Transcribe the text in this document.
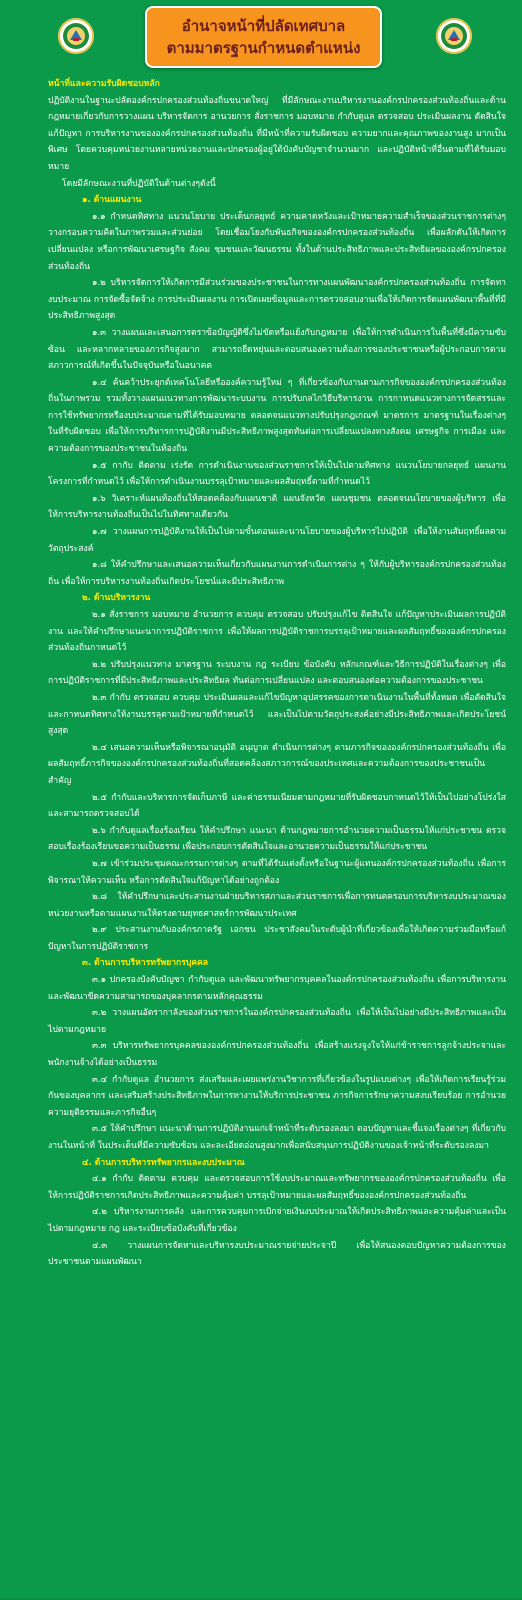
อำนาจหน้าที่ปลัดเทศบาล
ตามมาตรฐานกำหนดตำแหน่ง

หน้าที่และความรับผิดชอบหลัก

ปฏิบัติงานในฐานะปลัดองค์กรปกครองส่วนท้องถิ่นขนาดใหญ่ ที่มีลักษณะงานบริหารงานองค์กรปกครองส่วนท้องถิ่นและด้านกฎหมายเกี่ยวกับการวางแผน บริหารจัดการ อานวยการ สั่งราชการ มอบหมาย กำกับดูแล ตรวจสอบ ประเมินผลงาน ตัดสินใจ แก้ปัญหา การบริหารงานขององค์กรปกครองส่วนท้องถิ่น ที่มีหน้าที่ความรับผิดชอบ ความยากและคุณภาพของงานสูง มากเป็นพิเศษ โดยควบคุมหน่วยงานหลายหน่วยงานและปกครองผู้อยู่ใต้บังคับบัญชาจำนวนมาก และปฏิบัติหน้าที่อื่นตามที่ได้รับมอบหมาย

โดยมีลักษณะงานที่ปฏิบัติในด้านต่างๆดังนี้

๑. ด้านแผนงาน

๑.๑ กำหนดทิศทาง แนวนโยบาย ประเด็นกลยุทธ์ ความคาดหวังและเป้าหมายความสำเร็จของส่วนราชการต่างๆ วางกรอบความคิดในภาพรวมและส่วนย่อย โดยเชื่อมโยงกับพันธกิจขององค์กรปกครองส่วนท้องถิ่น เพื่อผลักดันให้เกิดการเปลี่ยนแปลง หรือการพัฒนาเศรษฐกิจ สังคม ชุมชนและวัฒนธรรม ทั้งในด้านประสิทธิภาพและประสิทธิผลขององค์กรปกครองส่วนท้องถิ่น

๑.๒ บริหารจัดการให้เกิดการมีส่วนร่วมของประชาชนในการทางแผนพัฒนาองค์กรปกครองส่วนท้องถิ่น การจัดทางบประมาณ การจัดซื้อจัดจ้าง การประเมินผลงาน การเปิดเผยข้อมูลและการตรวจสอบงานเพื่อให้เกิดการจัดแผนพัฒนาพื้นที่ที่มีประสิทธิภาพสูงสุด

๑.๓ วางแผนและเสนอการตราข้อบัญญัติซึ่งไม่ขัดหรือแย้งกับกฎหมาย เพื่อให้การดำเนินการในพื้นที่ซึ่งมีความซับซ้อน และหลากหลายของภารกิจสูงมาก สามารถยืดหยุ่นและตอบสนองความต้องการของประชาชนหรือผู้ประกอบการตามสภาวการณ์ที่เกิดขึ้นในปัจจุบันหรือในอนาคต

๑.๔ ค้นคว้าประยุกต์เทคโนโลยีหรือองค์ความรู้ใหม่ ๆ ที่เกี่ยวข้องกับงานตามภารกิจขององค์กรปกครองส่วนท้องถิ่นในภาพรวม รวมทั้งวางแผนแนวทางการพัฒนาระบบงาน การปรับกลไกวิธีบริหารงาน การกาหนดแนวทางการจัดสรรและการใช้ทรัพยากรหรืองบประมาณตามที่ได้รับมอบหมาย ตลอดจนแนวทางปรับปรุงกฎเกณฑ์ มาตรการ มาตรฐานในเรื่องต่างๆ ในที่รับผิดชอบ เพื่อให้การบริหารการปฏิบัติงานมีประสิทธิภาพสูงสุดทันต่อการเปลี่ยนแปลงทางสังคม เศรษฐกิจ การเมือง และความต้องการของประชาชนในท้องถิ่น

๑.๕ กากับ ติดตาม เร่งรัด การดำเนินงานของส่วนราชการให้เป็นไปตามทิศทาง แนวนโยบายกลยุทธ์ แผนงาน โครงการที่กำหนดไว้ เพื่อให้การดำเนินงานบรรลุเป้าหมายและผลสัมฤทธิ์ตามที่กำหนดไว้

๑.๖ วิเคราะห์แผนท้องถิ่นให้สอดคล้องกับแผนชาติ แผนจังหวัด แผนชุมชน ตลอดจนนโยบายของผู้บริหาร เพื่อให้การบริหารงานท้องถิ่นเป็นไปในทิศทางเดียวกัน

๑.๗ วางแผนการปฏิบัติงานให้เป็นไปตามขั้นตอนและนานโยบายของผู้บริหารไปปฏิบัติ เพื่อให้งานสัมฤทธิ์ผลตามวัตถุประสงค์

๑.๘ ให้คำปรึกษาและเสนอความเห็นเกี่ยวกับแผนงานการดำเนินการต่าง ๆ ให้กับผู้บริหารองค์กรปกครองส่วนท้องถิ่น เพื่อให้การบริหารงานท้องถิ่นเกิดประโยชน์และมีประสิทธิภาพ

๒. ด้านบริหารงาน

๒.๑ สั่งราชการ มอบหมาย อำนวยการ ควบคุม ตรวจสอบ ปรับปรุงแก้ไข ติดสินใจ แก้ปัญหาประเมินผลการปฏิบัติงาน และให้คำปรึกษาแนะนาการปฏิบัติราชการ เพื่อให้ผลการปฏิบัติราชการบรรลุเป้าหมายและผลสัมฤทธิ์ขององค์กรปกครองส่วนท้องถิ่นกาหนดไว้

๒.๒ ปรับปรุงแนวทาง มาตรฐาน ระบบงาน กฎ ระเบียบ ข้อบังคับ หลักเกณฑ์และวิธีการปฏิบัติในเรื่องต่างๆ เพื่อการปฏิบัติราชการที่มีประสิทธิภาพและประสิทธิผล ทันต่อการเปลี่ยนแปลง และตอบสนองต่อความต้องการของประชาชน

๒.๓ กำกับ ตรวจสอบ ควบคุม ประเมินผลและแก้ไขปัญหาอุปสรรคของการดาเนินงานในพื้นที่ทั้งหมด เพื่อตัดสินใจและกาหนดทิศทางให้งานบรรลุตามเป้าหมายที่กำหนดไว้ และเป็นไปตามวัตถุประสงค์อย่างมีประสิทธิภาพและเกิดประโยชน์สูงสุด

๒.๔ เสนอความเห็นหรือพิจารณาอนุมัติ อนุญาต ดำเนินการต่างๆ ตามภารกิจขององค์กรปกครองส่วนท้องถิ่น เพื่อผลสัมฤทธิ์ภารกิจขององค์กรปกครองส่วนท้องถิ่นที่สอดคล้องสภาวการณ์ของประเทศและความต้องการของประชาชนเป็นสำคัญ

๒.๕ กำกับและบริหารการจัดเก็บภาษี และค่าธรรมเนียมตามกฎหมายที่รับผิดชอบกาหนดไว้ให้เป็นไปอย่างโปร่งใสและสามารถตรวจสอบได้

๒.๖ กำกับดูแลเรื่องร้องเรียน ให้คำปรึกษา แนะนา ด้านกฎหมายการอำนวยความเป็นธรรมให้แก่ประชาชน ตรวจสอบเรื่องร้องเรียนขอความเป็นธรรม เพื่อประกอบการตัดสินใจและอานวยความเป็นธรรมให้แก่ประชาชน

๒.๗ เข้าร่วมประชุมคณะกรรมการต่างๆ ตามที่ได้รับแต่งตั้งหรือในฐานะผู้แทนองค์กรปกครองส่วนท้องถิ่น เพื่อการพิจารณาให้ความเห็น หรือการตัดสินใจแก้ปัญหาได้อย่างถูกต้อง

๒.๘ ให้คำปรึกษาและประสานงานฝ่ายบริหารสภาและส่วนราชการเพื่อการทนตครอบการบริหารงบประมาณของหน่วยงานหรือตามแผนงานให้ตรงตามยุทธศาสตร์การพัฒนาประเทศ

๒.๙ ประสานงานกับองค์กรภาครัฐ เอกชน ประชาสังคมในระดับผู้นำที่เกี่ยวข้องเพื่อให้เกิดความร่วมมือหรือแก้ปัญหาในการปฏิบัติราชการ

๓. ด้านการบริหารทรัพยากรบุคคล

๓.๑ ปกครองบังคับบัญชา กำกับดูแล และพัฒนาทรัพยากรบุคคลในองค์กรปกครองส่วนท้องถิ่น เพื่อการบริหารงานและพัฒนาขีดความสามารถของบุคลากรตามหลักคุณธรรม

๓.๒ วางแผนอัตรากาลังของส่วนราชการในองค์กรปกครองส่วนท้องถิ่น เพื่อให้เป็นไปอย่างมีประสิทธิภาพและเป็นไปตามกฎหมาย

๓.๓ บริหารทรัพยากรบุคคลขององค์กรปกครองส่วนท้องถิ่น เพื่อสร้างแรงจูงใจให้แก่ข้าราชการลูกจ้างประจาและพนักงานจ้างได้อย่างเป็นธรรม

๓.๔ กำกับดูแล อำนวยการ ส่งเสริมและเผยแพร่งานวิชาการที่เกี่ยวข้องในรูปแบบต่างๆ เพื่อให้เกิดการเรียนรู้ร่วมกันของบุคลากร และเสริมสร้างประสิทธิภาพในการทางานให้บริการประชาชน ภารกิจการรักษาความสงบเรียบร้อย การอำนวยความยุติธรรมและภารกิจอื่นๆ

๓.๕ ให้คำปรึกษา แนะนาด้านการปฏิบัติงานแก่เจ้าหน้าที่ระดับรองลงมา ตอบปัญหาและชี้แจงเรื่องต่างๆ ที่เกี่ยวกับงานในหน้าที่ ในประเด็นที่มีความซับซ้อน และละเอียดอ่อนสูงมากเพื่อสนับสนุนการปฏิบัติงานของเจ้าหน้าที่ระดับรองลงมา

๔. ด้านการบริหารทรัพยากรและงบประมาณ

๔.๑ กำกับ ติดตาม ควบคุม และตรวจสอบการใช้งบประมาณและทรัพยากรขององค์กรปกครองส่วนท้องถิ่น เพื่อให้การปฏิบัติราชการเกิดประสิทธิภาพและความคุ้มค่า บรรลุเป้าหมายและผลสัมฤทธิ์ขององค์กรปกครองส่วนท้องถิ่น

๔.๒ บริหารงานการคลัง และการควบคุมการเบิกจ่ายเงินงบประมาณให้เกิดประสิทธิภาพและความคุ้มค่าและเป็นไปตามกฎหมาย กฎ และระเบียบข้อบังคับที่เกี่ยวข้อง

๔.๓ วางแผนการจัดหาและบริหารงบประมาณรายจ่ายประจาปี เพื่อให้สนองตอบปัญหาความต้องการของประชาชนตามแผนพัฒนา
